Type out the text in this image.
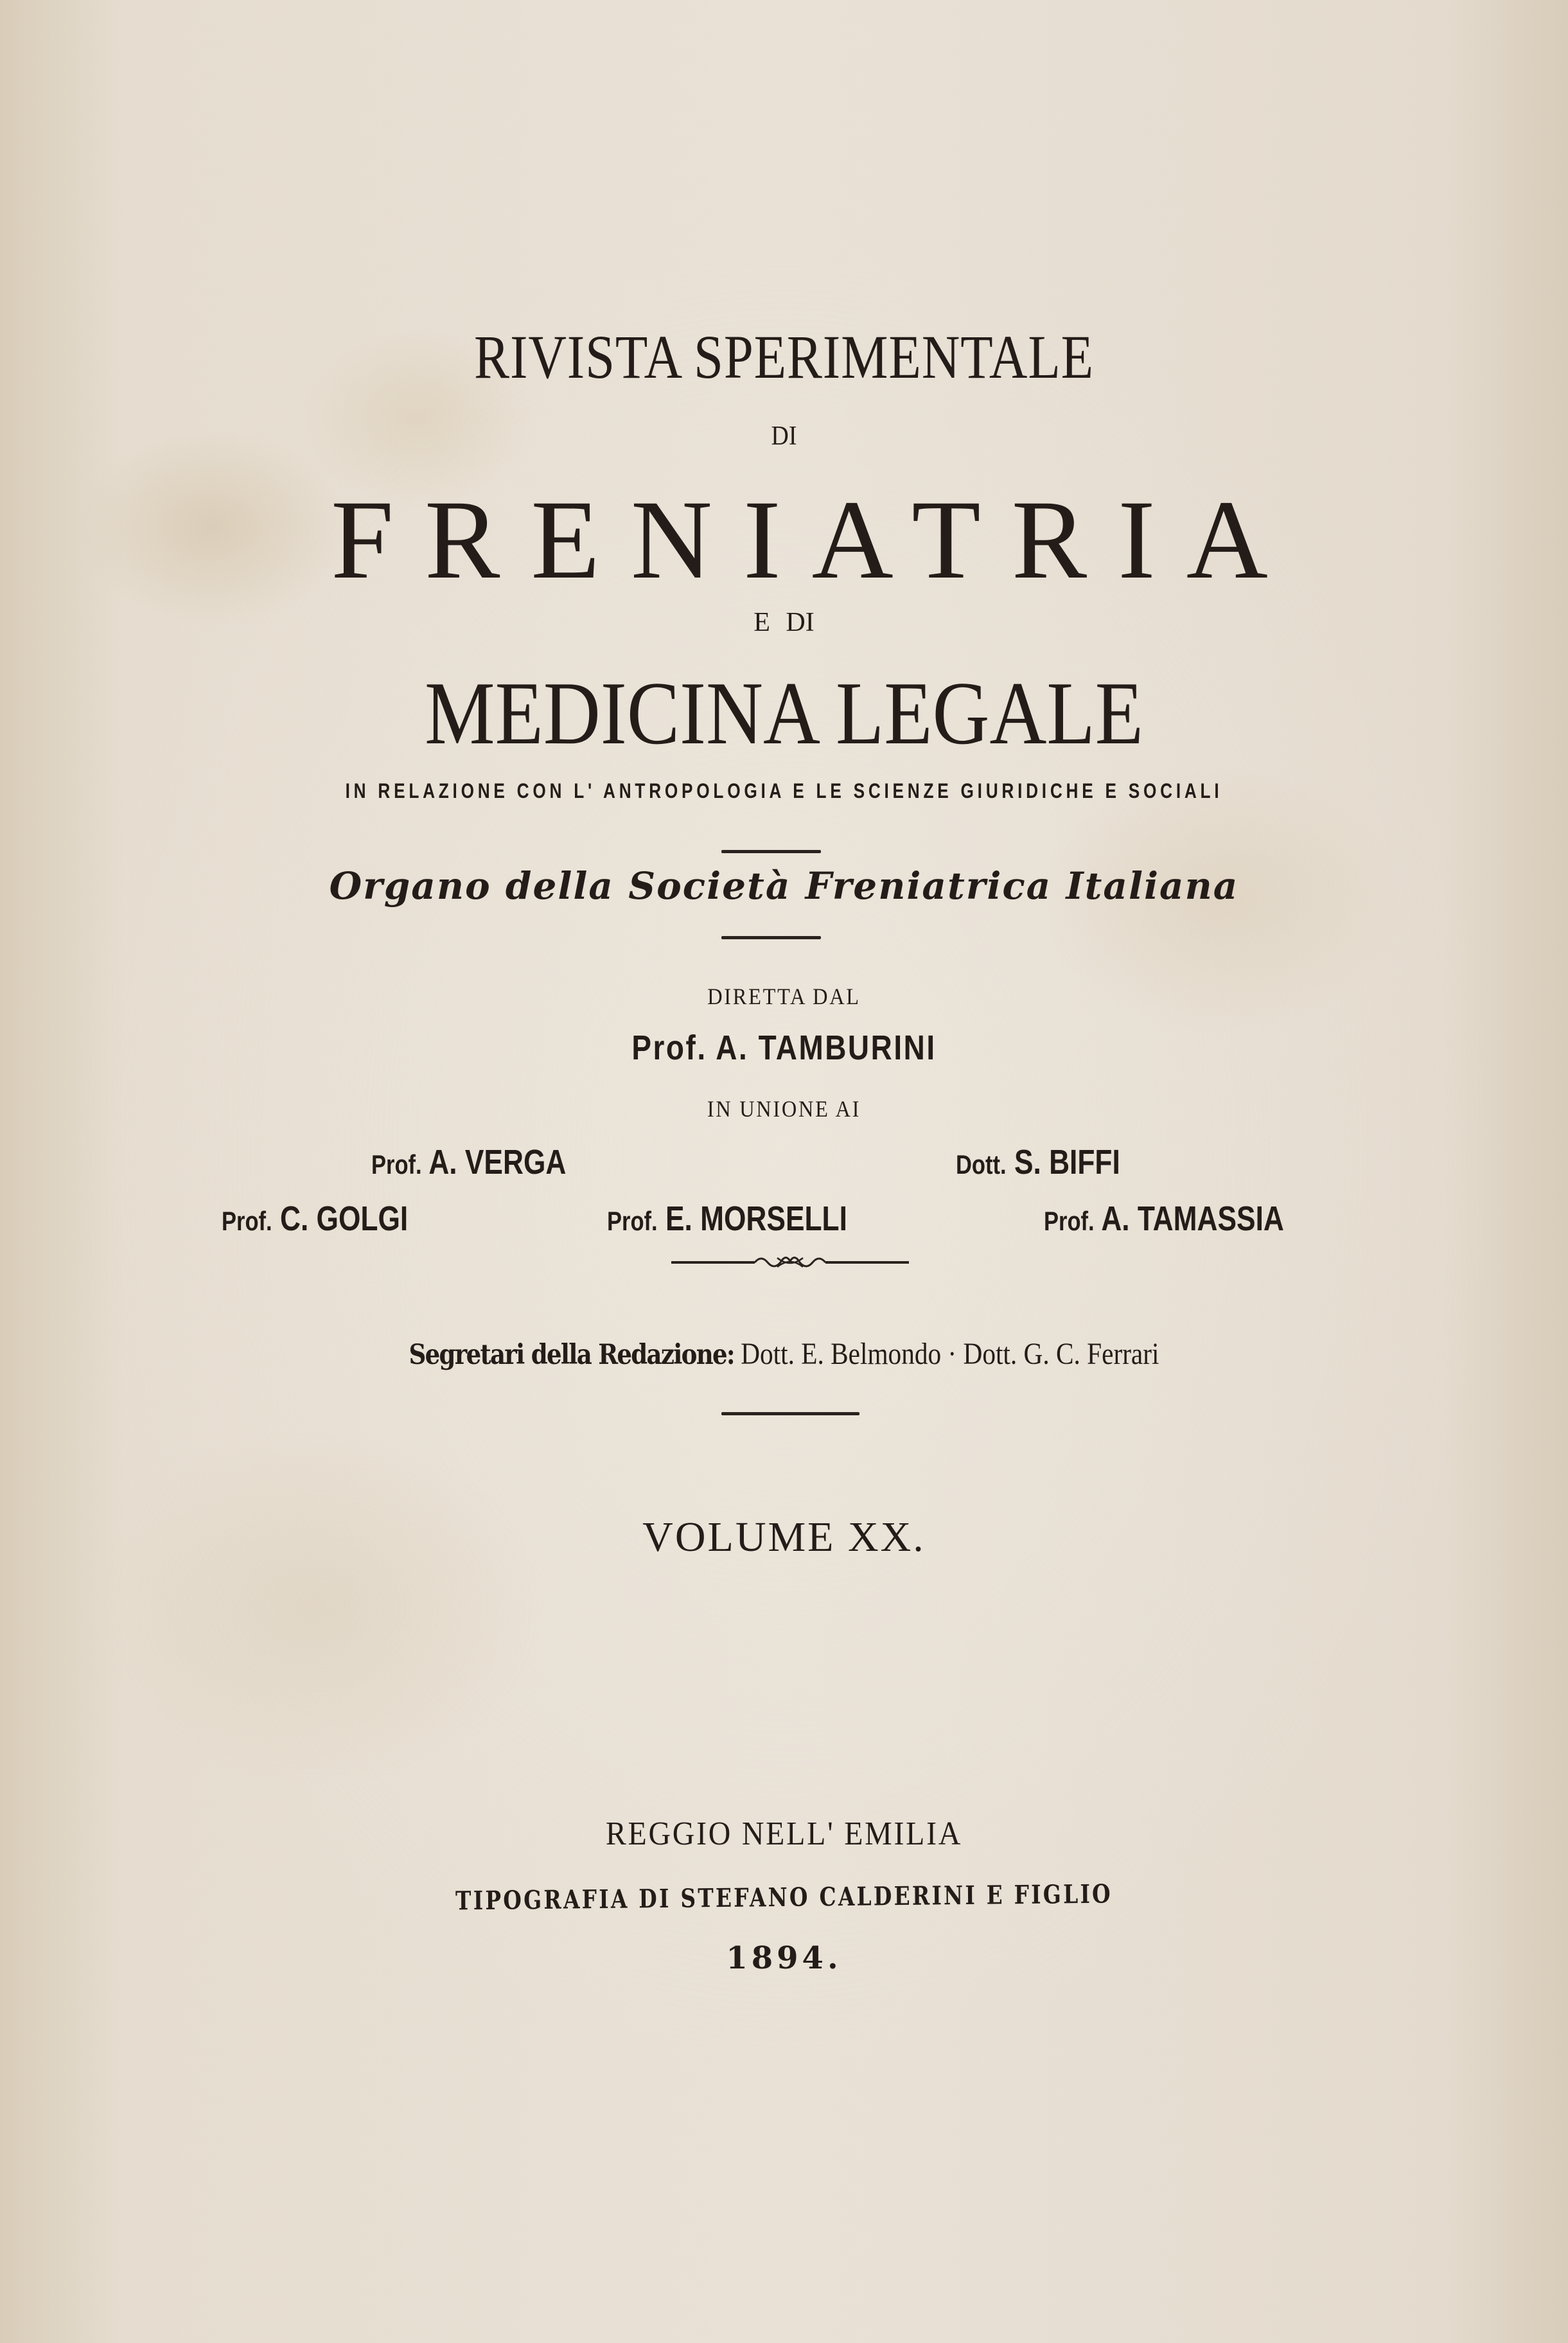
RIVISTA SPERIMENTALE
DI
FRENIATRIA
E DI
MEDICINA LEGALE
IN RELAZIONE CON L' ANTROPOLOGIA E LE SCIENZE GIURIDICHE E SOCIALI
Organo della Società Freniatrica Italiana
DIRETTA DAL
Prof. A. TAMBURINI
IN UNIONE AI
Prof. A. VERGA	Dott. S. BIFFI
Prof. C. GOLGI	Prof. E. MORSELLI	Prof. A. TAMASSIA
Segretari della Redazione: Dott. E. Belmondo · Dott. G. C. Ferrari
VOLUME XX.
REGGIO NELL' EMILIA
TIPOGRAFIA DI STEFANO CALDERINI E FIGLIO
1894.
